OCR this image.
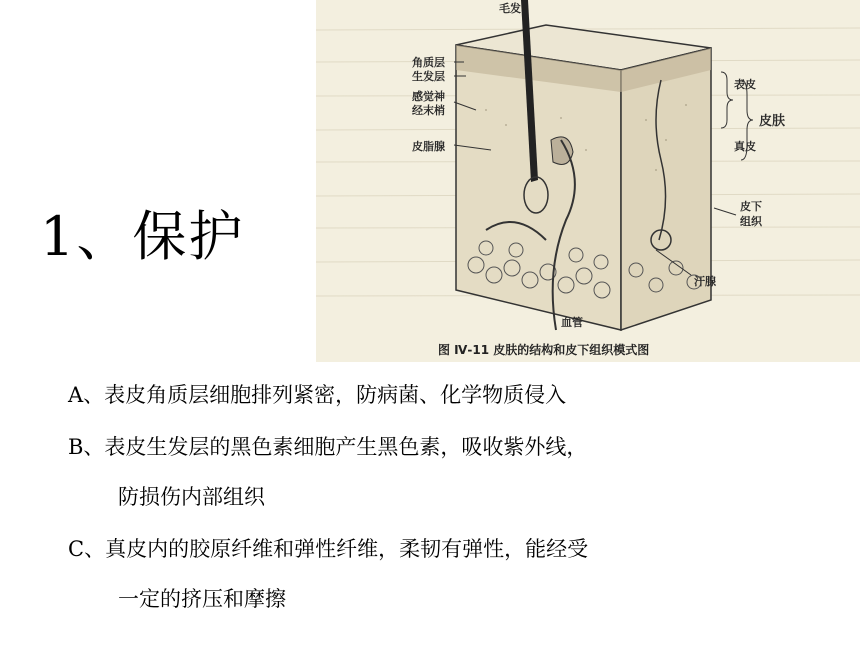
1、保护
毛发
角质层
生发层
感觉神
经末梢
皮脂腺
表皮
皮肤
真皮
皮下
组织
汗腺
血管
图 Ⅳ-11 皮肤的结构和皮下组织模式图
A、表皮角质层细胞排列紧密，防病菌、化学物质侵入
B、表皮生发层的黑色素细胞产生黑色素，吸收紫外线，
防损伤内部组织
C、真皮内的胶原纤维和弹性纤维，柔韧有弹性，能经受
一定的挤压和摩擦
